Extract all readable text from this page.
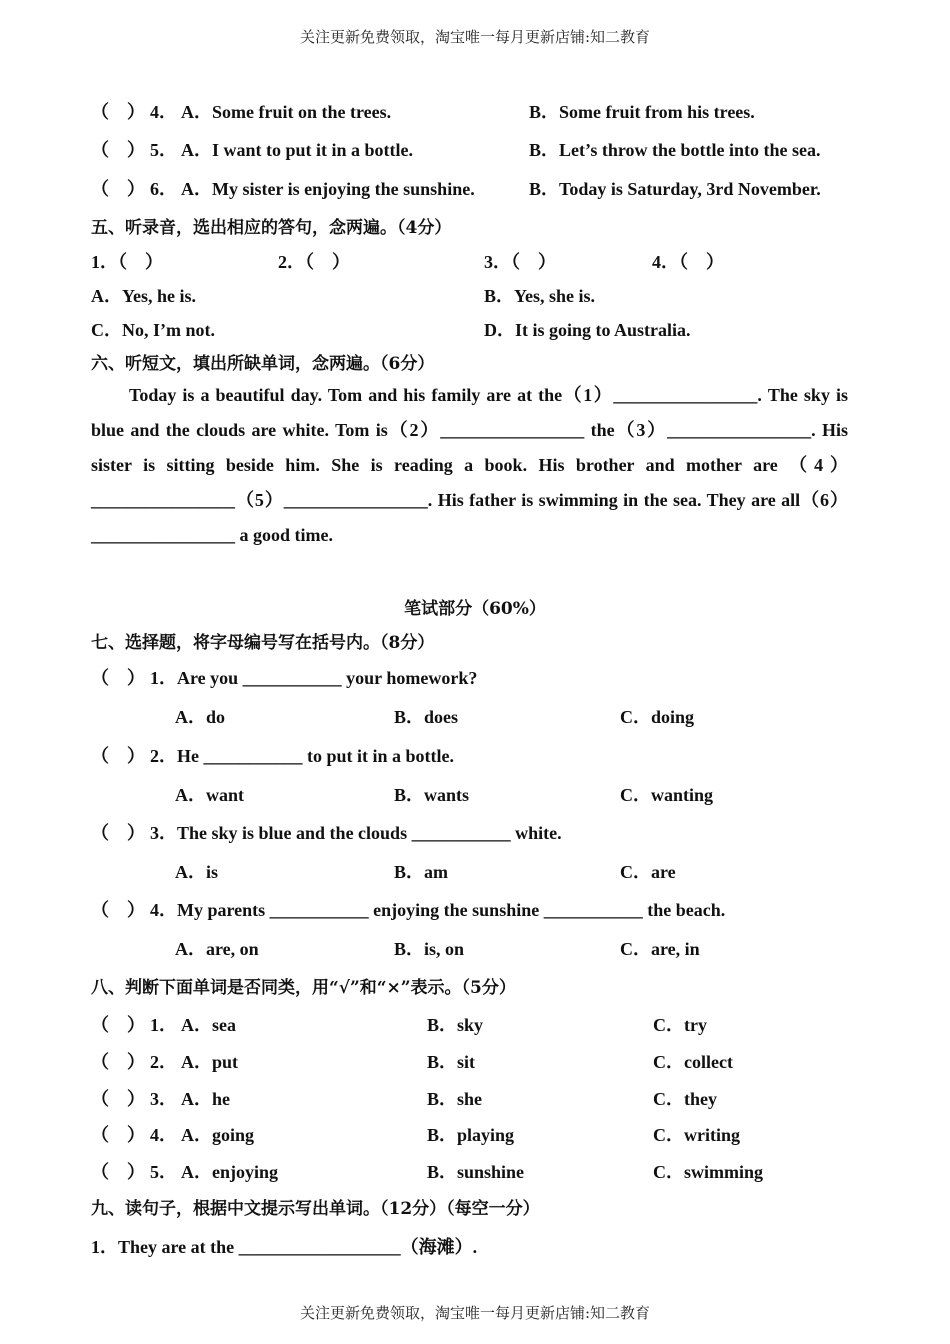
关注更新免费领取，淘宝唯一每月更新店铺:知二教育
（　） 4． A．Some fruit on the trees.	B．Some fruit from his trees.
（　） 5． A．I want to put it in a bottle.	B．Let’s throw the bottle into the sea.
（　） 6． A．My sister is enjoying the sunshine.	B．Today is Saturday, 3rd November.
五、听录音，选出相应的答句，念两遍。（4分）
1．（　）	2．（　）	3．（　）	4．（　）
A．Yes, he is.	B．Yes, she is.
C．No, I’m not.	D．It is going to Australia.
六、听短文，填出所缺单词，念两遍。（6分）
Today is a beautiful day. Tom and his family are at the（1）________________. The sky is blue and the clouds are white. Tom is（2）________________ the（3）________________. His sister is sitting beside him. She is reading a book. His brother and mother are （4）________________（5）________________. His father is swimming in the sea. They are all（6）________________ a good time.
笔试部分（60%）
七、选择题，将字母编号写在括号内。（8分）
（　） 1．Are you ___________ your homework?
A．do	B．does	C．doing
（　） 2．He ___________ to put it in a bottle.
A．want	B．wants	C．wanting
（　） 3．The sky is blue and the clouds ___________ white.
A．is	B．am	C．are
（　） 4．My parents ___________ enjoying the sunshine ___________ the beach.
A．are, on	B．is, on	C．are, in
八、判断下面单词是否同类，用“√”和“×”表示。（5分）
（　） 1． A．sea	B．sky	C．try
（　） 2． A．put	B．sit	C．collect
（　） 3． A．he	B．she	C．they
（　） 4． A．going	B．playing	C．writing
（　） 5． A．enjoying	B．sunshine	C．swimming
九、读句子，根据中文提示写出单词。（12分）（每空一分）
1．They are at the __________________（海滩）.
关注更新免费领取，淘宝唯一每月更新店铺:知二教育
